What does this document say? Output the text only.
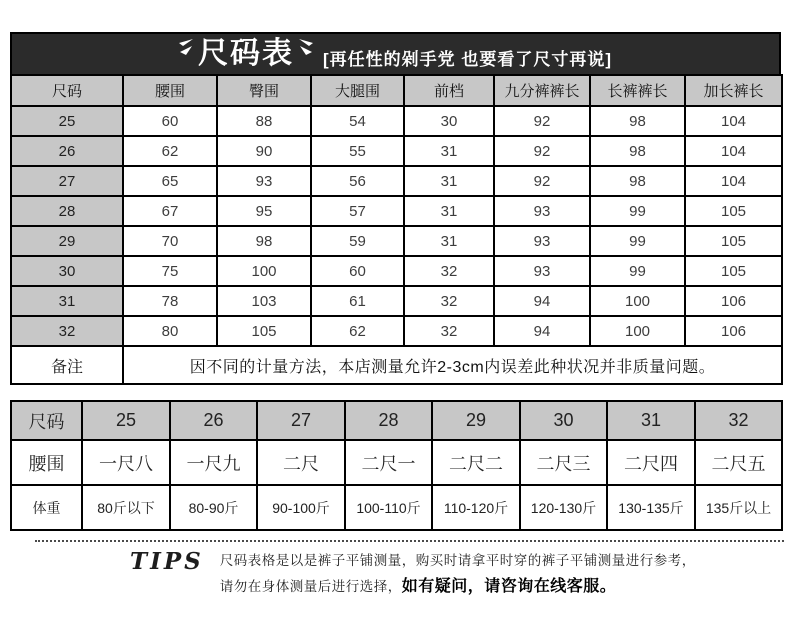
尺码表 [再任性的剁手党 也要看了尺寸再说]
尺码	腰围	臀围	大腿围	前档	九分裤裤长	长裤裤长	加长裤长
25	60	88	54	30	92	98	104
26	62	90	55	31	92	98	104
27	65	93	56	31	92	98	104
28	67	95	57	31	93	99	105
29	70	98	59	31	93	99	105
30	75	100	60	32	93	99	105
31	78	103	61	32	94	100	106
32	80	105	62	32	94	100	106
备注	因不同的计量方法，本店测量允许2-3cm内误差此种状况并非质量问题。						
尺码	25	26	27	28	29	30	31	32
腰围	一尺八	一尺九	二尺	二尺一	二尺二	二尺三	二尺四	二尺五
体重	80斤以下	80-90斤	90-100斤	100-110斤	110-120斤	120-130斤	130-135斤	135斤以上
TIPS 尺码表格是以是裤子平铺测量，购买时请拿平时穿的裤子平铺测量进行参考，请勿在身体测量后进行选择，如有疑问，请咨询在线客服。
